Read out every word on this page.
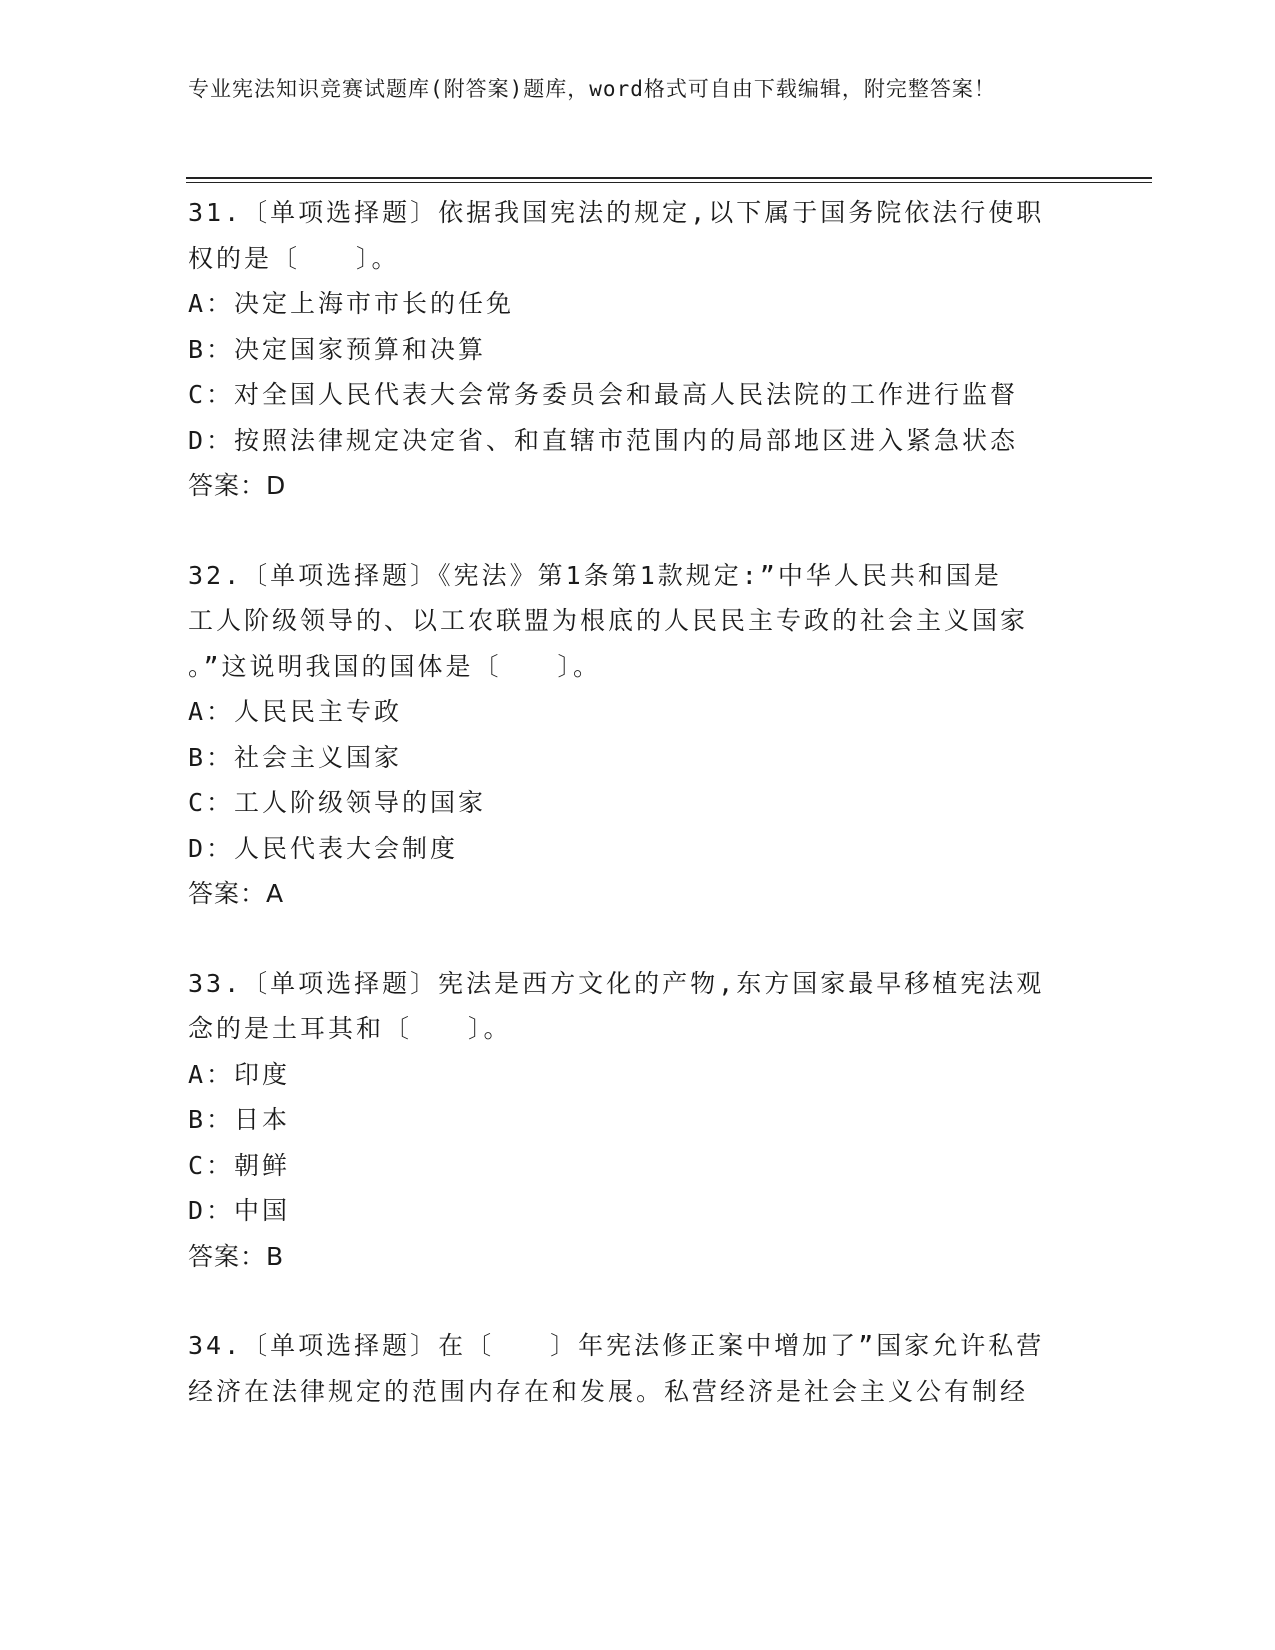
专业宪法知识竞赛试题库(附答案)题库，word格式可自由下载编辑，附完整答案！
31.〔单项选择题〕依据我国宪法的规定,以下属于国务院依法行使职
权的是〔　　〕。
A：决定上海市市长的任免
B：决定国家预算和决算
C：对全国人民代表大会常务委员会和最高人民法院的工作进行监督
D：按照法律规定决定省、和直辖市范围内的局部地区进入紧急状态
答案：D
32.〔单项选择题〕《宪法》第1条第1款规定:”中华人民共和国是
工人阶级领导的、以工农联盟为根底的人民民主专政的社会主义国家
。”这说明我国的国体是〔　　〕。
A：人民民主专政
B：社会主义国家
C：工人阶级领导的国家
D：人民代表大会制度
答案：A
33.〔单项选择题〕宪法是西方文化的产物,东方国家最早移植宪法观
念的是土耳其和〔　　〕。
A：印度
B：日本
C：朝鲜
D：中国
答案：B
34.〔单项选择题〕在〔　　〕年宪法修正案中增加了”国家允许私营
经济在法律规定的范围内存在和发展。私营经济是社会主义公有制经
